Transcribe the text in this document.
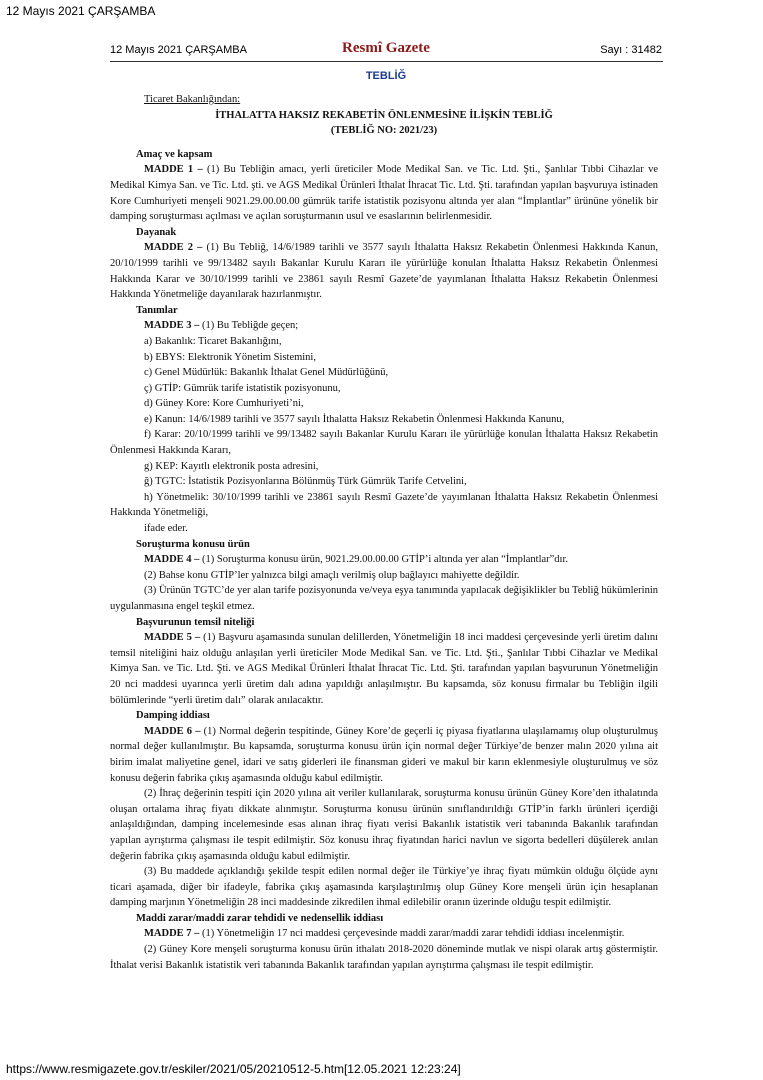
12 Mayıs 2021 ÇARŞAMBA
12 Mayıs 2021 ÇARŞAMBA	Resmî Gazete	Sayı : 31482
TEBLİĞ

Ticaret Bakanlığından:

İTHALATTA HAKSIZ REKABETİN ÖNLENMESİNE İLİŞKİN TEBLİĞ

(TEBLİĞ NO: 2021/23)

Amaç ve kapsam

MADDE 1 – (1) Bu Tebliğin amacı, yerli üreticiler Mode Medikal San. ve Tic. Ltd. Şti., Şanlılar Tıbbi Cihazlar ve Medikal Kimya San. ve Tic. Ltd. şti. ve AGS Medikal Ürünleri İthalat İhracat Tic. Ltd. Şti. tarafından yapılan başvuruya istinaden Kore Cumhuriyeti menşeli 9021.29.00.00.00 gümrük tarife istatistik pozisyonu altında yer alan “İmplantlar” ürününe yönelik bir damping soruşturması açılması ve açılan soruşturmanın usul ve esaslarının belirlenmesidir.

Dayanak

MADDE 2 – (1) Bu Tebliğ, 14/6/1989 tarihli ve 3577 sayılı İthalatta Haksız Rekabetin Önlenmesi Hakkında Kanun, 20/10/1999 tarihli ve 99/13482 sayılı Bakanlar Kurulu Kararı ile yürürlüğe konulan İthalatta Haksız Rekabetin Önlenmesi Hakkında Karar ve 30/10/1999 tarihli ve 23861 sayılı Resmî Gazete’de yayımlanan İthalatta Haksız Rekabetin Önlenmesi Hakkında Yönetmeliğe dayanılarak hazırlanmıştır.

Tanımlar

MADDE 3 – (1) Bu Tebliğde geçen;

a) Bakanlık: Ticaret Bakanlığını,

b) EBYS: Elektronik Yönetim Sistemini,

c) Genel Müdürlük: Bakanlık İthalat Genel Müdürlüğünü,

ç) GTİP: Gümrük tarife istatistik pozisyonunu,

d) Güney Kore: Kore Cumhuriyeti’ni,

e) Kanun: 14/6/1989 tarihli ve 3577 sayılı İthalatta Haksız Rekabetin Önlenmesi Hakkında Kanunu,

f) Karar: 20/10/1999 tarihli ve 99/13482 sayılı Bakanlar Kurulu Kararı ile yürürlüğe konulan İthalatta Haksız Rekabetin Önlenmesi Hakkında Kararı,

g) KEP: Kayıtlı elektronik posta adresini,

ğ) TGTC: İstatistik Pozisyonlarına Bölünmüş Türk Gümrük Tarife Cetvelini,

h) Yönetmelik: 30/10/1999 tarihli ve 23861 sayılı Resmî Gazete’de yayımlanan İthalatta Haksız Rekabetin Önlenmesi Hakkında Yönetmeliği,

ifade eder.

Soruşturma konusu ürün

MADDE 4 – (1) Soruşturma konusu ürün, 9021.29.00.00.00 GTİP’i altında yer alan “İmplantlar”dır.

(2) Bahse konu GTİP’ler yalnızca bilgi amaçlı verilmiş olup bağlayıcı mahiyette değildir.

(3) Ürünün TGTC’de yer alan tarife pozisyonunda ve/veya eşya tanımında yapılacak değişiklikler bu Tebliğ hükümlerinin uygulanmasına engel teşkil etmez.

Başvurunun temsil niteliği

MADDE 5 – (1) Başvuru aşamasında sunulan delillerden, Yönetmeliğin 18 inci maddesi çerçevesinde yerli üretim dalını temsil niteliğini haiz olduğu anlaşılan yerli üreticiler Mode Medikal San. ve Tic. Ltd. Şti., Şanlılar Tıbbi Cihazlar ve Medikal Kimya San. ve Tic. Ltd. Şti. ve AGS Medikal Ürünleri İthalat İhracat Tic. Ltd. Şti. tarafından yapılan başvurunun Yönetmeliğin 20 nci maddesi uyarınca yerli üretim dalı adına yapıldığı anlaşılmıştır. Bu kapsamda, söz konusu firmalar bu Tebliğin ilgili bölümlerinde “yerli üretim dalı” olarak anılacaktır.

Damping iddiası

MADDE 6 – (1) Normal değerin tespitinde, Güney Kore’de geçerli iç piyasa fiyatlarına ulaşılamamış olup oluşturulmuş normal değer kullanılmıştır. Bu kapsamda, soruşturma konusu ürün için normal değer Türkiye’de benzer malın 2020 yılına ait birim imalat maliyetine genel, idari ve satış giderleri ile finansman gideri ve makul bir karın eklenmesiyle oluşturulmuş ve söz konusu değerin fabrika çıkış aşamasında olduğu kabul edilmiştir.

(2) İhraç değerinin tespiti için 2020 yılına ait veriler kullanılarak, soruşturma konusu ürünün Güney Kore’den ithalatında oluşan ortalama ihraç fiyatı dikkate alınmıştır. Soruşturma konusu ürünün sınıflandırıldığı GTİP’in farklı ürünleri içerdiği anlaşıldığından, damping incelemesinde esas alınan ihraç fiyatı verisi Bakanlık istatistik veri tabanında Bakanlık tarafından yapılan ayrıştırma çalışması ile tespit edilmiştir. Söz konusu ihraç fiyatından harici navlun ve sigorta bedelleri düşülerek anılan değerin fabrika çıkış aşamasında olduğu kabul edilmiştir.

(3) Bu maddede açıklandığı şekilde tespit edilen normal değer ile Türkiye’ye ihraç fiyatı mümkün olduğu ölçüde aynı ticari aşamada, diğer bir ifadeyle, fabrika çıkış aşamasında karşılaştırılmış olup Güney Kore menşeli ürün için hesaplanan damping marjının Yönetmeliğin 28 inci maddesinde zikredilen ihmal edilebilir oranın üzerinde olduğu tespit edilmiştir.

Maddi zarar/maddi zarar tehdidi ve nedensellik iddiası

MADDE 7 – (1) Yönetmeliğin 17 nci maddesi çerçevesinde maddi zarar/maddi zarar tehdidi iddiası incelenmiştir.

(2) Güney Kore menşeli soruşturma konusu ürün ithalatı 2018-2020 döneminde mutlak ve nispi olarak artış göstermiştir. İthalat verisi Bakanlık istatistik veri tabanında Bakanlık tarafından yapılan ayrıştırma çalışması ile tespit edilmiştir.

https://www.resmigazete.gov.tr/eskiler/2021/05/20210512-5.htm[12.05.2021 12:23:24]
